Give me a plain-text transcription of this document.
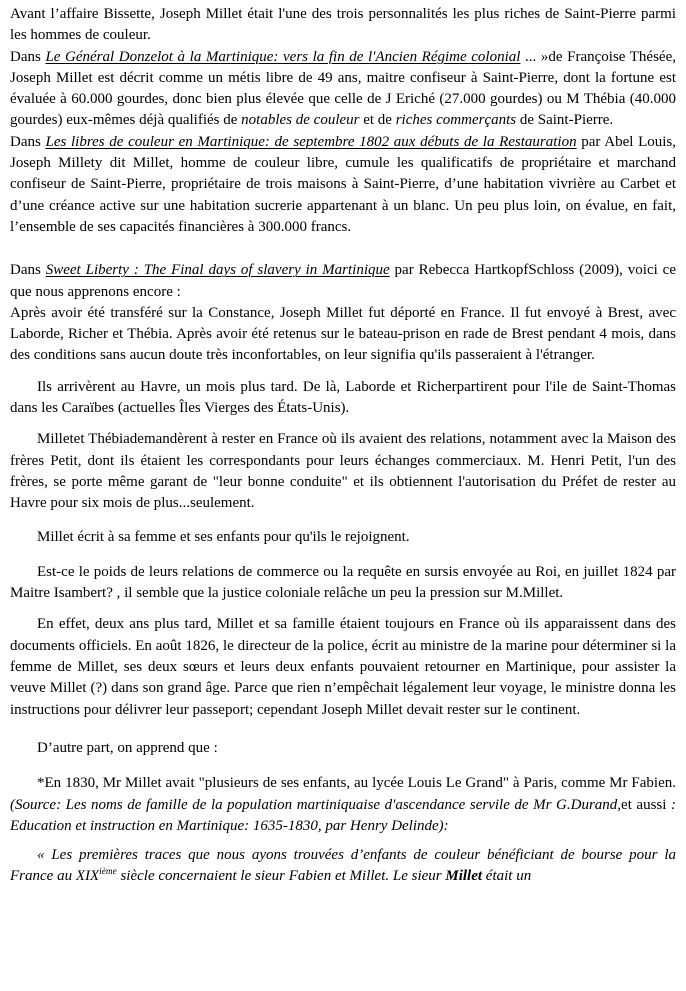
Avant l’affaire Bissette, Joseph Millet était l'une des trois personnalités les plus riches de Saint-Pierre parmi les hommes de couleur.

Dans Le Général Donzelot à la Martinique: vers la fin de l'Ancien Régime colonial ... »de Françoise Thésée, Joseph Millet est décrit comme un métis libre de 49 ans, maitre confiseur à Saint-Pierre, dont la fortune est évaluée à 60.000 gourdes, donc bien plus élevée que celle de J Eriché (27.000 gourdes) ou M Thébia (40.000 gourdes) eux-mêmes déjà qualifiés de notables de couleur et de riches commerçants de Saint-Pierre.

Dans Les libres de couleur en Martinique: de septembre 1802 aux débuts de la Restauration par Abel Louis, Joseph Millety dit Millet, homme de couleur libre, cumule les qualificatifs de propriétaire et marchand confiseur de Saint-Pierre, propriétaire de trois maisons à Saint-Pierre, d’une habitation vivrière au Carbet et d’une créance active sur une habitation sucrerie appartenant à un blanc. Un peu plus loin, on évalue, en fait, l’ensemble de ses capacités financières à 300.000 francs.

Dans Sweet Liberty : The Final days of slavery in Martinique par Rebecca HartkopfSchloss (2009), voici ce que nous apprenons encore :

Après avoir été transféré sur la Constance, Joseph Millet fut déporté en France. Il fut envoyé à Brest, avec Laborde, Richer et Thébia. Après avoir été retenus sur le bateau-prison en rade de Brest pendant 4 mois, dans des conditions sans aucun doute très inconfortables, on leur signifia qu'ils passeraient à l'étranger.

Ils arrivèrent au Havre, un mois plus tard. De là, Laborde et Richerpartirent pour l'ile de Saint-Thomas dans les Caraïbes (actuelles Îles Vierges des États-Unis).

Milletet Thébiademandèrent à rester en France où ils avaient des relations, notamment avec la Maison des frères Petit, dont ils étaient les correspondants pour leurs échanges commerciaux. M. Henri Petit, l'un des frères, se porte même garant de "leur bonne conduite" et ils obtiennent l'autorisation du Préfet de rester au Havre pour six mois de plus...seulement.

Millet écrit à sa femme et ses enfants pour qu'ils le rejoignent.

Est-ce le poids de leurs relations de commerce ou la requête en sursis envoyée au Roi, en juillet 1824 par Maitre Isambert? , il semble que la justice coloniale relâche un peu la pression sur M.Millet.

En effet, deux ans plus tard, Millet et sa famille étaient toujours en France où ils apparaissent dans des documents officiels. En août 1826, le directeur de la police, écrit au ministre de la marine pour déterminer si la femme de Millet, ses deux sœurs et leurs deux enfants pouvaient retourner en Martinique, pour assister la veuve Millet (?) dans son grand âge. Parce que rien n’empêchait légalement leur voyage, le ministre donna les instructions pour délivrer leur passeport; cependant Joseph Millet devait rester sur le continent.

D’autre part, on apprend que :

*En 1830, Mr Millet avait "plusieurs de ses enfants, au lycée Louis Le Grand" à Paris, comme Mr Fabien. (Source: Les noms de famille de la population martiniquaise d'ascendance servile de Mr G.Durand,et aussi : Education et instruction en Martinique: 1635-1830, par Henry Delinde):

« Les premières traces que nous ayons trouvées d’enfants de couleur bénéficiant de bourse pour la France au XIXième siècle concernaient le sieur Fabien et Millet. Le sieur Millet était un
